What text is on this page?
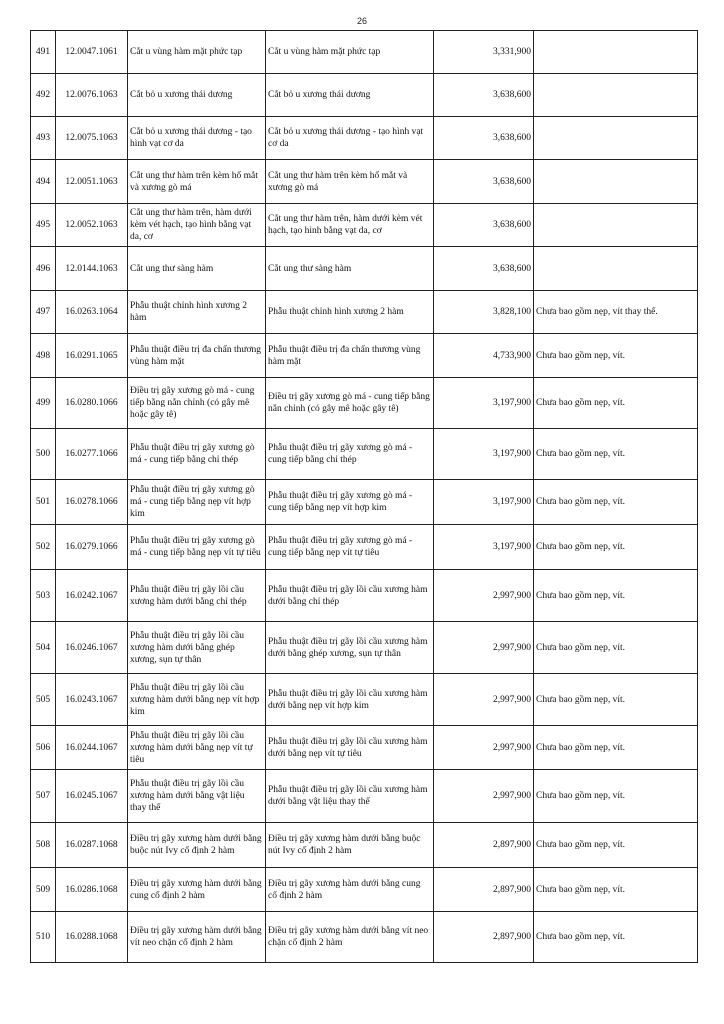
26
491	12.0047.1061	Cắt u vùng hàm mặt phức tạp	Cắt u vùng hàm mặt phức tạp	3,331,900	
492	12.0076.1063	Cắt bỏ u xương thái dương	Cắt bỏ u xương thái dương	3,638,600	
493	12.0075.1063	Cắt bỏ u xương thái dương - tạo hình vạt cơ da	Cắt bỏ u xương thái dương - tạo hình vạt cơ da	3,638,600	
494	12.0051.1063	Cắt ung thư hàm trên kèm hố mắt và xương gò má	Cắt ung thư hàm trên kèm hố mắt và xương gò má	3,638,600	
495	12.0052.1063	Cắt ung thư hàm trên, hàm dưới kèm vét hạch, tạo hình bằng vạt da, cơ	Cắt ung thư hàm trên, hàm dưới kèm vét hạch, tạo hình bằng vạt da, cơ	3,638,600	
496	12.0144.1063	Cắt ung thư sàng hàm	Cắt ung thư sàng hàm	3,638,600	
497	16.0263.1064	Phẫu thuật chỉnh hình xương 2 hàm	Phẫu thuật chỉnh hình xương 2 hàm	3,828,100	Chưa bao gồm nẹp, vít thay thế.
498	16.0291.1065	Phẫu thuật điều trị đa chấn thương vùng hàm mặt	Phẫu thuật điều trị đa chấn thương vùng hàm mặt	4,733,900	Chưa bao gồm nẹp, vít.
499	16.0280.1066	Điều trị gãy xương gò má - cung tiếp bằng nắn chỉnh (có gây mê hoặc gây tê)	Điều trị gãy xương gò má - cung tiếp bằng nắn chỉnh (có gây mê hoặc gây tê)	3,197,900	Chưa bao gồm nẹp, vít.
500	16.0277.1066	Phẫu thuật điều trị gãy xương gò má - cung tiếp bằng chỉ thép	Phẫu thuật điều trị gãy xương gò má - cung tiếp bằng chỉ thép	3,197,900	Chưa bao gồm nẹp, vít.
501	16.0278.1066	Phẫu thuật điều trị gãy xương gò má - cung tiếp bằng nẹp vít hợp kim	Phẫu thuật điều trị gãy xương gò má - cung tiếp bằng nẹp vít hợp kim	3,197,900	Chưa bao gồm nẹp, vít.
502	16.0279.1066	Phẫu thuật điều trị gãy xương gò má - cung tiếp bằng nẹp vít tự tiêu	Phẫu thuật điều trị gãy xương gò má - cung tiếp bằng nẹp vít tự tiêu	3,197,900	Chưa bao gồm nẹp, vít.
503	16.0242.1067	Phẫu thuật điều trị gãy lồi cầu xương hàm dưới bằng chỉ thép	Phẫu thuật điều trị gãy lồi cầu xương hàm dưới bằng chỉ thép	2,997,900	Chưa bao gồm nẹp, vít.
504	16.0246.1067	Phẫu thuật điều trị gãy lồi cầu xương hàm dưới bằng ghép xương, sụn tự thân	Phẫu thuật điều trị gãy lồi cầu xương hàm dưới bằng ghép xương, sụn tự thân	2,997,900	Chưa bao gồm nẹp, vít.
505	16.0243.1067	Phẫu thuật điều trị gãy lồi cầu xương hàm dưới bằng nẹp vít hợp kim	Phẫu thuật điều trị gãy lồi cầu xương hàm dưới bằng nẹp vít hợp kim	2,997,900	Chưa bao gồm nẹp, vít.
506	16.0244.1067	Phẫu thuật điều trị gãy lồi cầu xương hàm dưới bằng nẹp vít tự tiêu	Phẫu thuật điều trị gãy lồi cầu xương hàm dưới bằng nẹp vít tự tiêu	2,997,900	Chưa bao gồm nẹp, vít.
507	16.0245.1067	Phẫu thuật điều trị gãy lồi cầu xương hàm dưới bằng vật liệu thay thế	Phẫu thuật điều trị gãy lồi cầu xương hàm dưới bằng vật liệu thay thế	2,997,900	Chưa bao gồm nẹp, vít.
508	16.0287.1068	Điều trị gãy xương hàm dưới bằng buộc nút Ivy cố định 2 hàm	Điều trị gãy xương hàm dưới bằng buộc nút Ivy cố định 2 hàm	2,897,900	Chưa bao gồm nẹp, vít.
509	16.0286.1068	Điều trị gãy xương hàm dưới bằng cung cố định 2 hàm	Điều trị gãy xương hàm dưới bằng cung cố định 2 hàm	2,897,900	Chưa bao gồm nẹp, vít.
510	16.0288.1068	Điều trị gãy xương hàm dưới bằng vít neo chặn cố định 2 hàm	Điều trị gãy xương hàm dưới bằng vít neo chặn cố định 2 hàm	2,897,900	Chưa bao gồm nẹp, vít.
